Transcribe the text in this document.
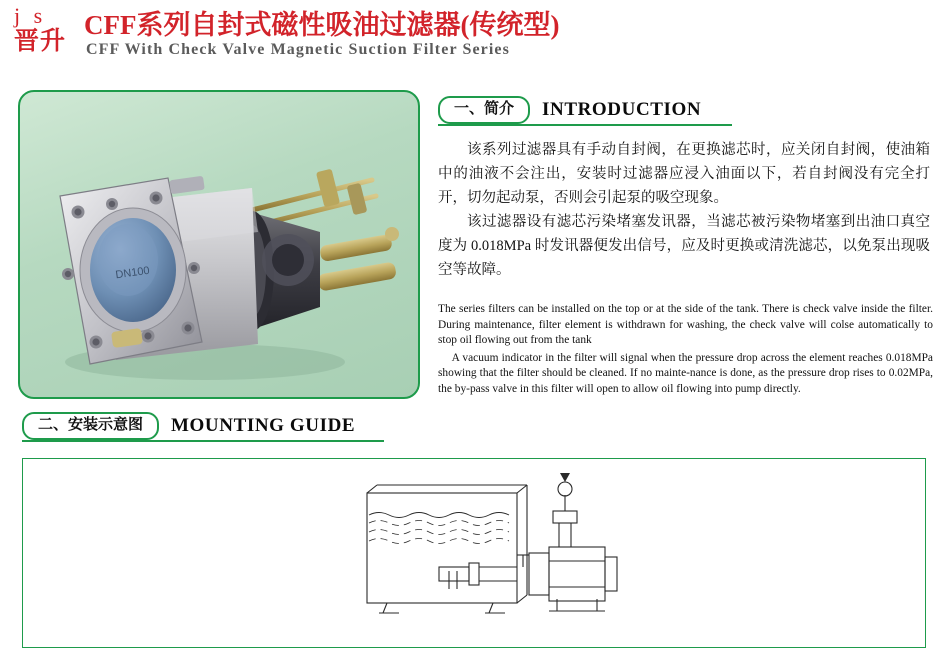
j s
晋升
CFF系列自封式磁性吸油过滤器(传统型)
CFF With Check Valve Magnetic Suction Filter Series
DN100
一、简介	INTRODUCTION

该系列过滤器具有手动自封阀，在更换滤芯时，应关闭自封阀，使油箱中的油液不会注出，安装时过滤器应浸入油面以下，若自封阀没有完全打开，切勿起动泵，否则会引起泵的吸空现象。

该过滤器设有滤芯污染堵塞发讯器，当滤芯被污染物堵塞到出油口真空度为 0.018MPa 时发讯器便发出信号，应及时更换或清洗滤芯，以免泵出现吸空等故障。

The series filters can be installed on the top or at the side of the tank. There is check valve inside the filter. During maintenance, filter element is withdrawn for washing, the check valve will colse automatically to stop oil flowing out from the tank

A vacuum indicator in the filter will signal when the pressure drop across the element reaches 0.018MPa showing that the filter should be cleaned. If no mainte-nance is done, as the pressure drop rises to 0.02MPa, the by-pass valve in this filter will open to allow oil flowing into pump directly.

二、安装示意图	MOUNTING GUIDE
